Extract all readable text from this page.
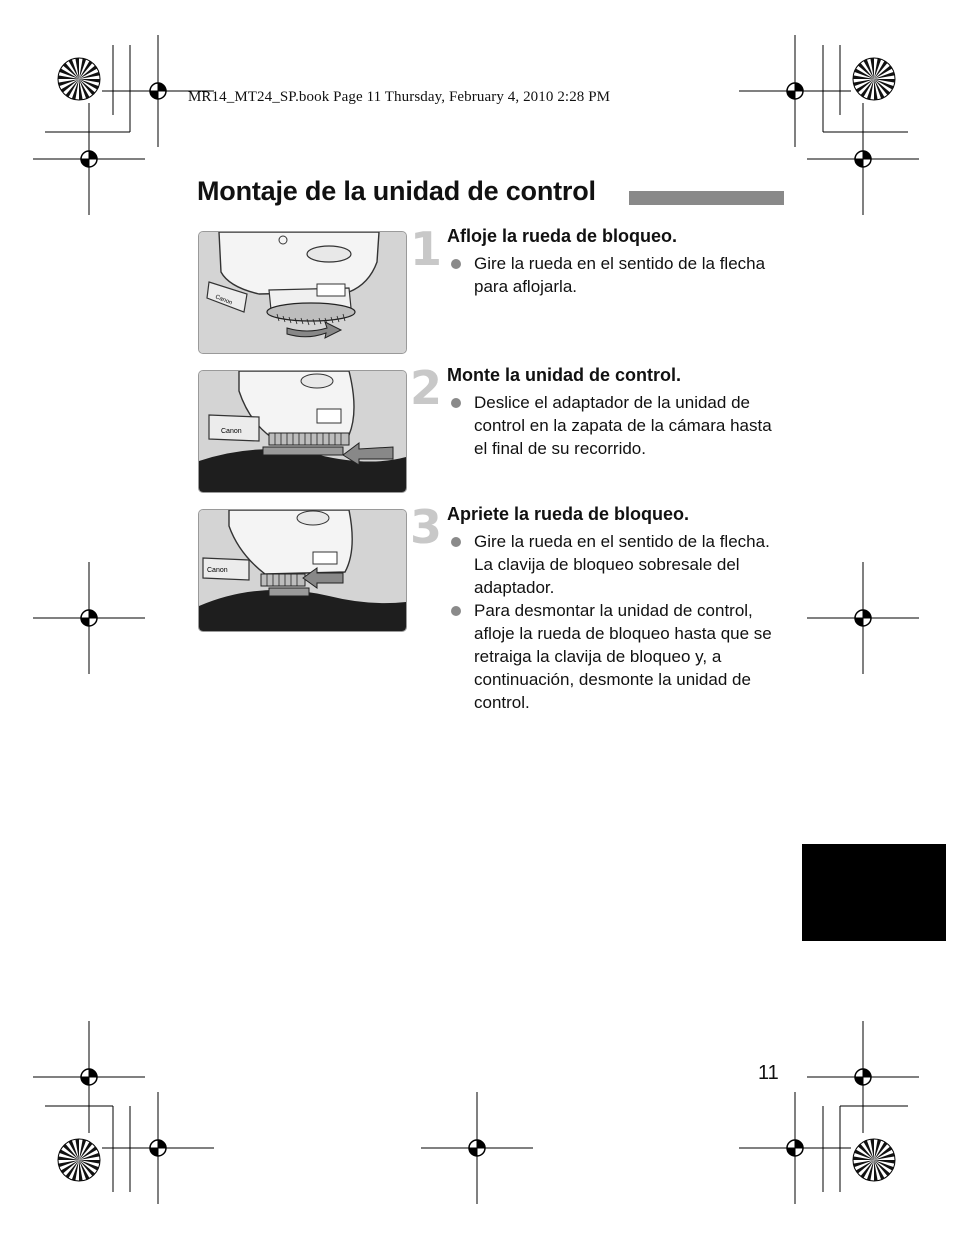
MR14_MT24_SP.book Page 11 Thursday, February 4, 2010 2:28 PM
Montaje de la unidad de control
Canon
1 Afloje la rueda de bloqueo.
Gire la rueda en el sentido de la flecha para aflojarla.
Canon
2 Monte la unidad de control.
Deslice el adaptador de la unidad de control en la zapata de la cámara hasta el final de su recorrido.
Canon
3 Apriete la rueda de bloqueo.
Gire la rueda en el sentido de la flecha. La clavija de bloqueo sobresale del adaptador.
Para desmontar la unidad de control, afloje la rueda de bloqueo hasta que se retraiga la clavija de bloqueo y, a continuación, desmonte la unidad de control.
11
